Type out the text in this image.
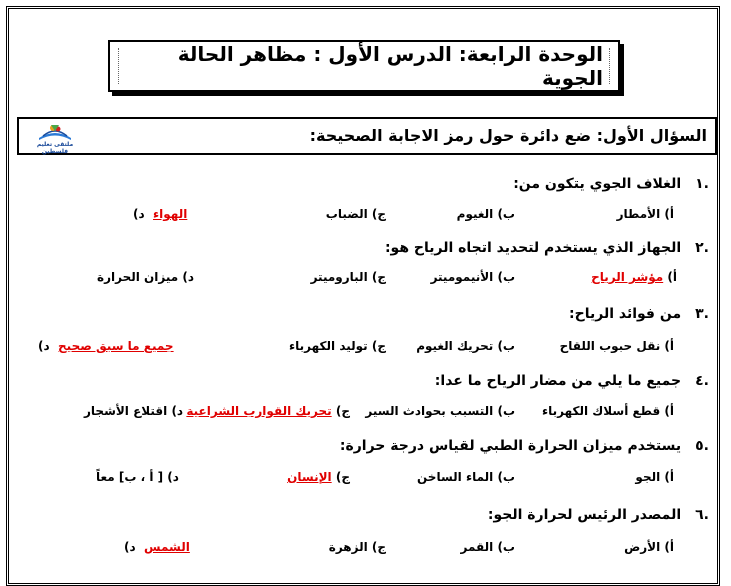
الوحدة الرابعة: الدرس الأول : مظاهر الحالة الجوية
السؤال الأول: ضع دائرة حول رمز الاجابة الصحيحة:
ملتقى تعليم فلسطين
.١الغلاف الجوي يتكون من:
أ) الأمطار
ب) الغيوم
ج) الضباب
الهواء  د)
.٢الجهاز الذي يستخدم لتحديد اتجاه الرياح هو:
أ) مؤشر الرياح
ب) الأنيموميتر
ج) الباروميتر
د) ميزان الحرارة
.٣من فوائد الرياح:
أ) نقل حبوب اللقاح
ب) تحريك الغيوم
ج) توليد الكهرباء
جميع ما سبق صحيح  د)
.٤جميع ما يلي من مضار الرياح ما عدا:
أ) قطع أسلاك الكهرباء
ب) التسبب بحوادث السير
ج) تحريك القوارب الشراعية
د) اقتلاع الأشجار
.٥يستخدم ميزان الحرارة الطبي لقياس درجة حرارة:
أ) الجو
ب) الماء الساخن
ج) الإنسان
د) [ أ ، ب] معاً
.٦المصدر الرئيس لحرارة الجو:
أ) الأرض
ب) القمر
ج) الزهرة
الشمس  د)
